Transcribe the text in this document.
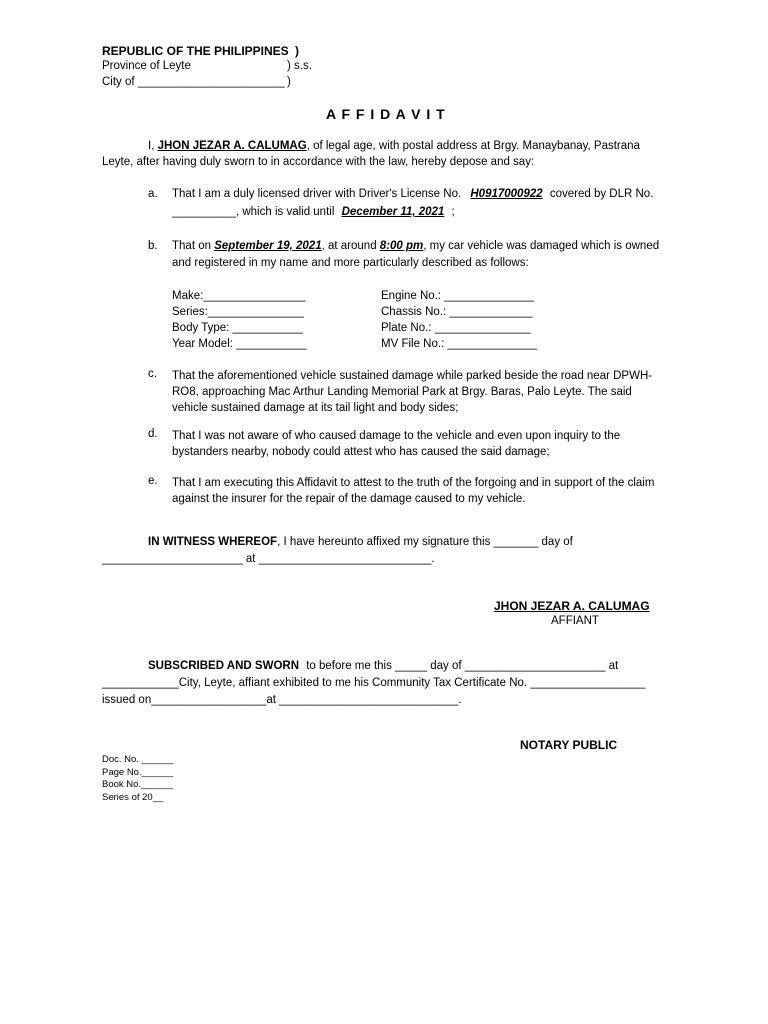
REPUBLIC OF THE PHILIPPINES )
Province of Leyte	) s.s.
City of _______________________ )
A F F I D A V I T
I, JHON JEZAR A. CALUMAG, of legal age, with postal address at Brgy. Manaybanay, Pastrana
Leyte, after having duly sworn to in accordance with the law, hereby depose and say:
a. That I am a duly licensed driver with Driver's License No. H0917000922 covered by DLR No.
__________, which is valid until December 11, 2021 ;
b. That on September 19, 2021, at around 8:00 pm, my car vehicle was damaged which is owned
and registered in my name and more particularly described as follows:
Make:________________
Series:_______________
Body Type: ___________
Year Model: ___________
Engine No.: ______________
Chassis No.: _____________
Plate No.: _______________
MV File No.: ______________
c. That the aforementioned vehicle sustained damage while parked beside the road near DPWH-
RO8, approaching Mac Arthur Landing Memorial Park at Brgy. Baras, Palo Leyte. The said
vehicle sustained damage at its tail light and body sides;
d. That I was not aware of who caused damage to the vehicle and even upon inquiry to the
bystanders nearby, nobody could attest who has caused the said damage;
e. That I am executing this Affidavit to attest to the truth of the forgoing and in support of the claim
against the insurer for the repair of the damage caused to my vehicle.
IN WITNESS WHEREOF, I have hereunto affixed my signature this _______ day of
______________________ at ___________________________.
JHON JEZAR A. CALUMAG
AFFIANT
SUBSCRIBED AND SWORN to before me this _____ day of ______________________ at
____________City, Leyte, affiant exhibited to me his Community Tax Certificate No. __________________
issued on__________________at ____________________________.
NOTARY PUBLIC
Doc. No. ______
Page No.______
Book No.______
Series of 20__
